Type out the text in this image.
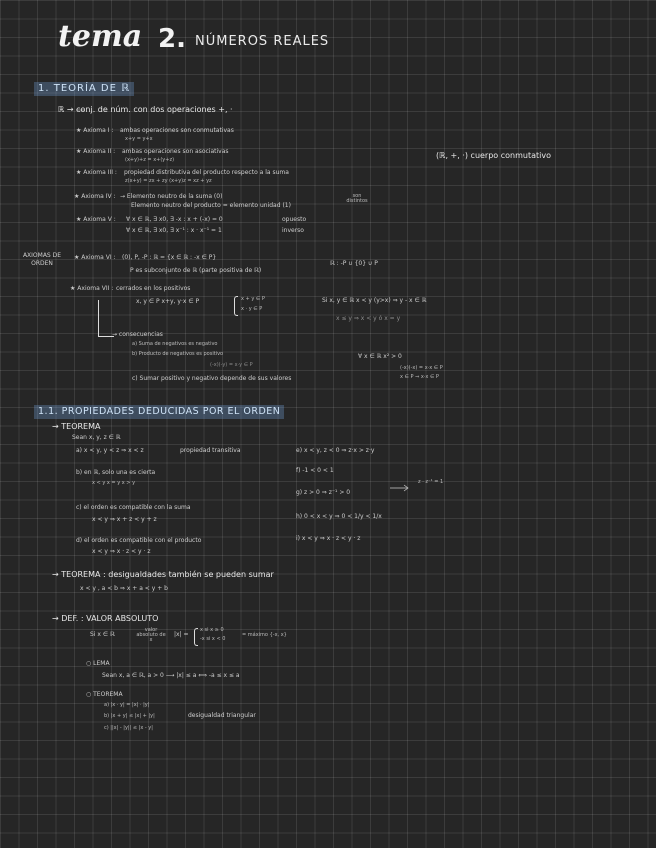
tema 2. NÚMEROS REALES
1. TEORÍA DE ℝ
ℝ → conj. de núm. con dos operaciones +, ·
★ Axioma I : ambas operaciones son conmutativas
x+y = y+x
★ Axioma II : ambas operaciones son asociativas
(x+y)+z = x+(y+z)
★ Axioma III : propiedad distributiva del producto respecto a la suma
z(x+y) = zx + zy (x+y)z = xz + yz
★ Axioma IV : → Elemento neutro de la suma (0)
Elemento neutro del producto = elemento unidad (1)
son distintos
★ Axioma V : ∀ x ∈ ℝ, ∃ x0, ∃ -x : x + (-x) = 0	opuesto
∀ x ∈ ℝ, ∃ x0, ∃ x⁻¹ : x · x⁻¹ = 1	inverso
(ℝ, +, ·) cuerpo conmutativo
AXIOMAS DE ORDEN
★ Axioma VI : (0), P, -P : ℝ = {x ∈ ℝ : -x ∈ P}
P es subconjunto de ℝ (parte positiva de ℝ)
ℝ : -P ∪ {0} ∪ P
★ Axioma VII : cerrados en los positivos
x, y ∈ P x+y, y·x ∈ P	x + y ∈ P
x · y ∈ P
Si x, y ∈ ℝ x < y (y>x) ⇒ y - x ∈ ℝ
x ≤ y ⇒ x < y ó x = y
→ consecuencias
a) Suma de negativos es negativo
b) Producto de negativos es positivo
(-x)(-y) = x·y ∈ P
c) Sumar positivo y negativo depende de sus valores
∀ x ∈ ℝ x² > 0
(-x)(-x) = x·x ∈ P
x ∈ P ⇒ x·x ∈ P
1.1. PROPIEDADES DEDUCIDAS POR EL ORDEN
→ TEOREMA
Sean x, y, z ∈ ℝ
a) x < y, y < z ⇒ x < z	propiedad transitiva
b) en ℝ, solo una es cierta
x < y x = y x > y
c) el orden es compatible con la suma
x < y ⇒ x + z < y + z
d) el orden es compatible con el producto
x < y ⇒ x · z < y · z
e) x < y, z < 0 ⇒ z·x > z·y
f) -1 < 0 < 1
g) z > 0 ⇒ z⁻¹ > 0
z · z⁻¹ = 1
h) 0 < x < y ⇒ 0 < 1/y < 1/x
i) x < y ⇒ x · z < y · z
→ TEOREMA : desigualdades también se pueden sumar
x < y , a < b ⇒ x + a < y + b
→ DEF. : VALOR ABSOLUTO
Si x ∈ ℝ
valor absoluto de x
|x| =
x si x ≥ 0
-x si x < 0
= máximo {-x, x}
○ LEMA
Sean x, a ∈ ℝ, a > 0 ⟶ |x| ≤ a ⟺ -a ≤ x ≤ a
○ TEOREMA
a) |x · y| = |x| · |y|
b) |x + y| ≤ |x| + |y|	desigualdad triangular
c) ||x| - |y|| ≤ |x - y|
